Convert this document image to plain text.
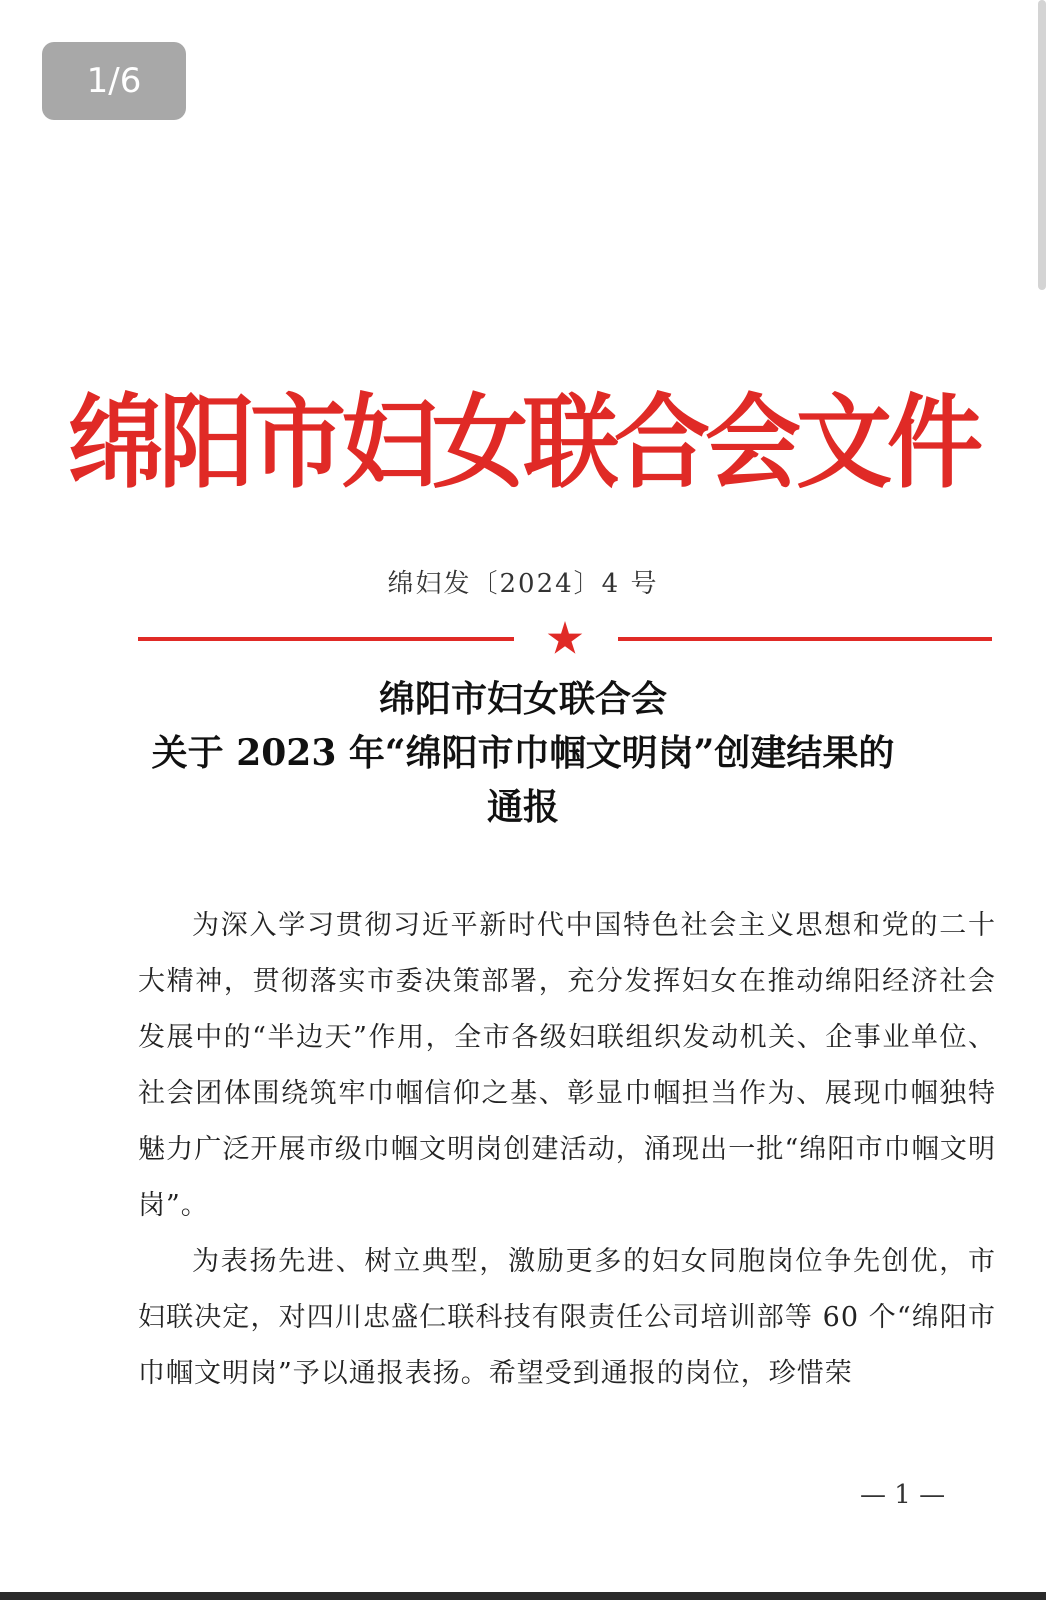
1/6
绵阳市妇女联合会文件
绵妇发〔2024〕4 号
绵阳市妇女联合会
关于 2023 年“绵阳市巾帼文明岗”创建结果的
通报

为深入学习贯彻习近平新时代中国特色社会主义思想和党的二十大精神，贯彻落实市委决策部署，充分发挥妇女在推动绵阳经济社会发展中的“半边天”作用，全市各级妇联组织发动机关、企事业单位、社会团体围绕筑牢巾帼信仰之基、彰显巾帼担当作为、展现巾帼独特魅力广泛开展市级巾帼文明岗创建活动，涌现出一批“绵阳市巾帼文明岗”。

为表扬先进、树立典型，激励更多的妇女同胞岗位争先创优，市妇联决定，对四川忠盛仁联科技有限责任公司培训部等 60 个“绵阳市巾帼文明岗”予以通报表扬。希望受到通报的岗位，珍惜荣

— 1 —
